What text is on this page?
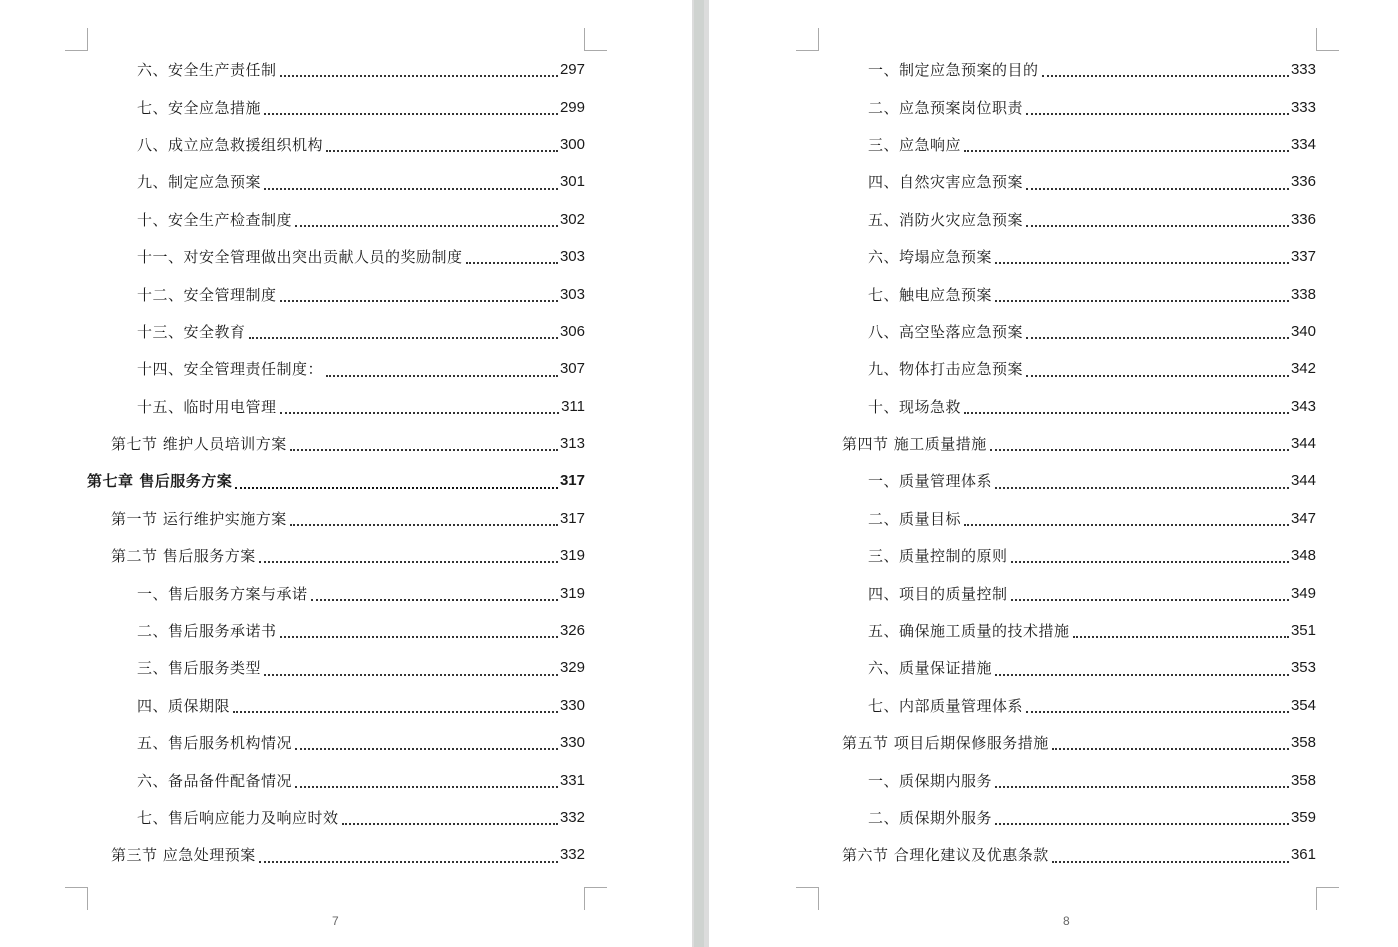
六、安全生产责任制	297
七、安全应急措施	299
八、成立应急救援组织机构	300
九、制定应急预案	301
十、安全生产检查制度	302
十一、对安全管理做出突出贡献人员的奖励制度	303
十二、安全管理制度	303
十三、安全教育	306
十四、安全管理责任制度：	307
十五、临时用电管理	311
第七节 维护人员培训方案	313
第七章 售后服务方案	317
第一节 运行维护实施方案	317
第二节 售后服务方案	319
一、售后服务方案与承诺	319
二、售后服务承诺书	326
三、售后服务类型	329
四、质保期限	330
五、售后服务机构情况	330
六、备品备件配备情况	331
七、售后响应能力及响应时效	332
第三节 应急处理预案	332
7
一、制定应急预案的目的	333
二、应急预案岗位职责	333
三、应急响应	334
四、自然灾害应急预案	336
五、消防火灾应急预案	336
六、垮塌应急预案	337
七、触电应急预案	338
八、高空坠落应急预案	340
九、物体打击应急预案	342
十、现场急救	343
第四节 施工质量措施	344
一、质量管理体系	344
二、质量目标	347
三、质量控制的原则	348
四、项目的质量控制	349
五、确保施工质量的技术措施	351
六、质量保证措施	353
七、内部质量管理体系	354
第五节 项目后期保修服务措施	358
一、质保期内服务	358
二、质保期外服务	359
第六节 合理化建议及优惠条款	361
8
